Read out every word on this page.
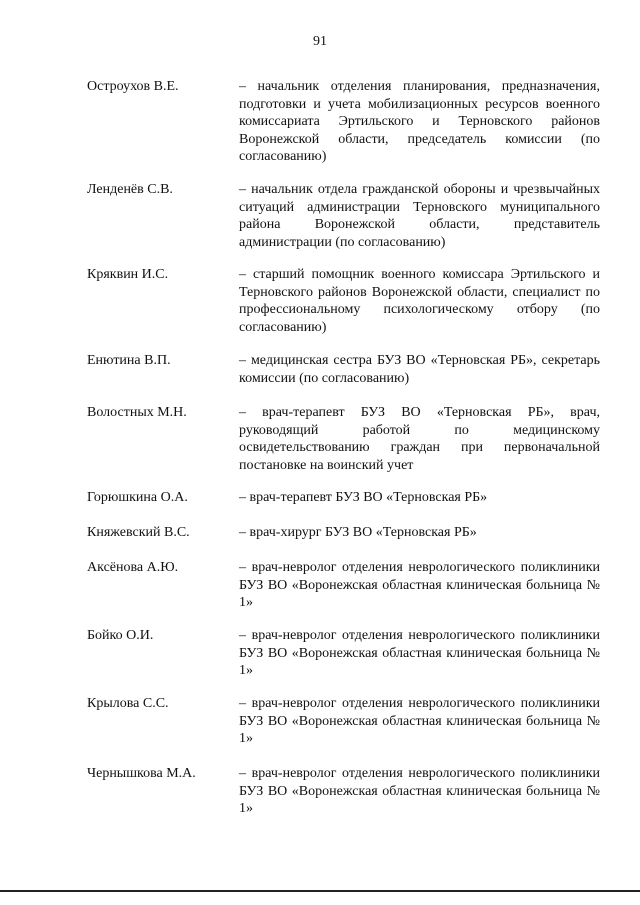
91
Остроухов В.Е.	– начальник отделения планирования, предназначения, подготовки и учета мобилизационных ресурсов военного комиссариата Эртильского и Терновского районов Воронежской области, председатель комиссии (по согласованию)
Ленденёв С.В.	– начальник отдела гражданской обороны и чрезвычайных ситуаций администрации Терновского муниципального района Воронежской области, представитель администрации (по согласованию)
Кряквин И.С.	– старший помощник военного комиссара Эртильского и Терновского районов Воронежской области, специалист по профессиональному психологическому отбору (по согласованию)
Енютина В.П.	– медицинская сестра БУЗ ВО «Терновская РБ», секретарь комиссии (по согласованию)
Волостных М.Н.	– врач-терапевт БУЗ ВО «Терновская РБ», врач, руководящий работой по медицинскому освидетельствованию граждан при первоначальной постановке на воинский учет
Горюшкина О.А.	– врач-терапевт БУЗ ВО «Терновская РБ»
Княжевский В.С.	– врач-хирург БУЗ ВО «Терновская РБ»
Аксёнова А.Ю.	– врач-невролог отделения неврологического поликлиники БУЗ ВО «Воронежская областная клиническая больница № 1»
Бойко О.И.	– врач-невролог отделения неврологического поликлиники БУЗ ВО «Воронежская областная клиническая больница № 1»
Крылова С.С.	– врач-невролог отделения неврологического поликлиники БУЗ ВО «Воронежская областная клиническая больница № 1»
Чернышкова М.А.	– врач-невролог отделения неврологического поликлиники БУЗ ВО «Воронежская областная клиническая больница № 1»
